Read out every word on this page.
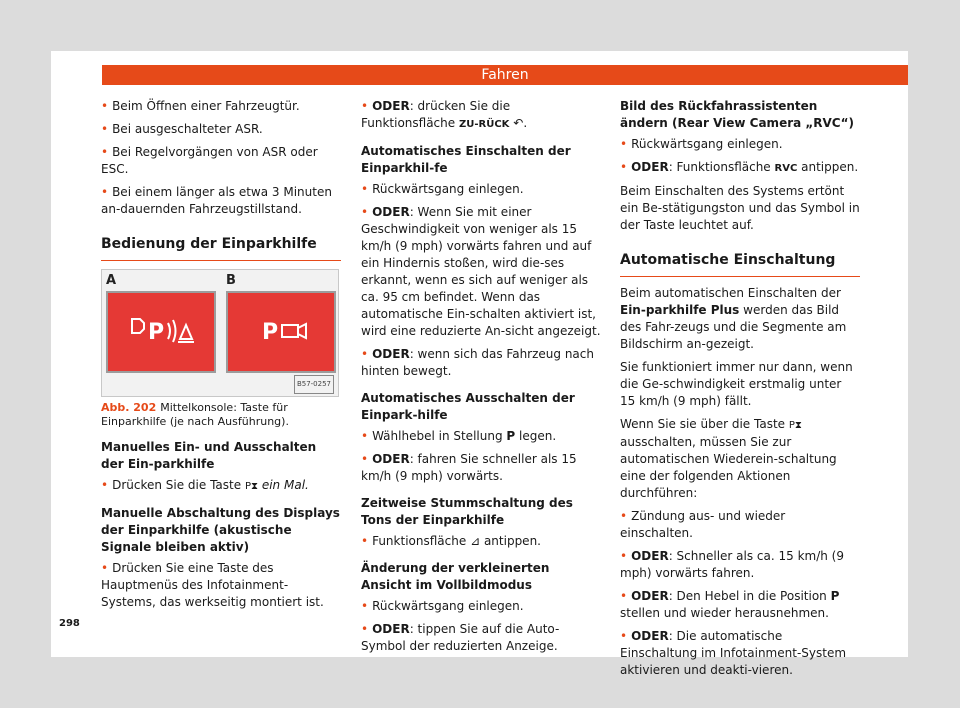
Fahren

• Beim Öffnen einer Fahrzeugtür.

• Bei ausgeschalteter ASR.

• Bei Regelvorgängen von ASR oder ESC.

• Bei einem länger als etwa 3 Minuten an-dauernden Fahrzeugstillstand.

Bedienung der Einparkhilfe
A	B
P	P
B57-0257
Abb. 202 Mittelkonsole: Taste für Einparkhilfe (je nach Ausführung).
Manuelles Ein- und Ausschalten der Ein-parkhilfe

• Drücken Sie die Taste P⧗ ein Mal.

Manuelle Abschaltung des Displays der Einparkhilfe (akustische Signale bleiben aktiv)

• Drücken Sie eine Taste des Hauptmenüs des Infotainment-Systems, das werkseitig montiert ist.

• ODER: drücken Sie die Funktionsfläche ZU-RÜCK ↶.

Automatisches Einschalten der Einparkhil-fe

• Rückwärtsgang einlegen.

• ODER: Wenn Sie mit einer Geschwindigkeit von weniger als 15 km/h (9 mph) vorwärts fahren und auf ein Hindernis stoßen, wird die-ses erkannt, wenn es sich auf weniger als ca. 95 cm befindet. Wenn das automatische Ein-schalten aktiviert ist, wird eine reduzierte An-sicht angezeigt.

• ODER: wenn sich das Fahrzeug nach hinten bewegt.

Automatisches Ausschalten der Einpark-hilfe

• Wählhebel in Stellung P legen.

• ODER: fahren Sie schneller als 15 km/h (9 mph) vorwärts.

Zeitweise Stummschaltung des Tons der Einparkhilfe

• Funktionsfläche ⊿ antippen.

Änderung der verkleinerten Ansicht im Vollbildmodus

• Rückwärtsgang einlegen.

• ODER: tippen Sie auf die Auto-Symbol der reduzierten Anzeige.

Bild des Rückfahrassistenten ändern (Rear View Camera „RVC“)

• Rückwärtsgang einlegen.

• ODER: Funktionsfläche RVC antippen.

Beim Einschalten des Systems ertönt ein Be-stätigungston und das Symbol in der Taste leuchtet auf.

Automatische Einschaltung

Beim automatischen Einschalten der Ein-parkhilfe Plus werden das Bild des Fahr-zeugs und die Segmente am Bildschirm an-gezeigt.

Sie funktioniert immer nur dann, wenn die Ge-schwindigkeit erstmalig unter 15 km/h (9 mph) fällt.

Wenn Sie sie über die Taste P⧗ ausschalten, müssen Sie zur automatischen Wiederein-schaltung eine der folgenden Aktionen durchführen:

• Zündung aus- und wieder einschalten.

• ODER: Schneller als ca. 15 km/h (9 mph) vorwärts fahren.

• ODER: Den Hebel in die Position P stellen und wieder herausnehmen.

• ODER: Die automatische Einschaltung im Infotainment-System aktivieren und deakti-vieren.

298
